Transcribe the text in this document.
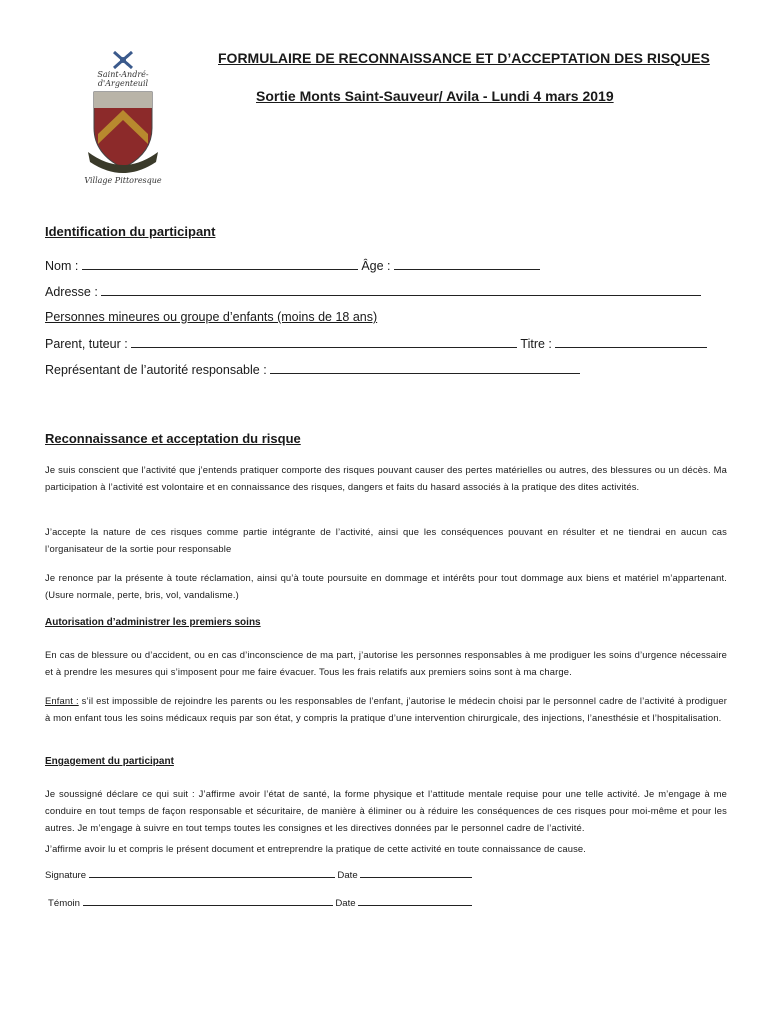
Saint-André-
d'Argenteuil
Village Pittoresque
FORMULAIRE DE RECONNAISSANCE ET D’ACCEPTATION DES RISQUES
Sortie Monts Saint-Sauveur/ Avila - Lundi 4 mars 2019
Identification du participant
Nom :	Âge :
Adresse :
Personnes mineures ou groupe d’enfants (moins de 18 ans)
Parent, tuteur :	Titre :
Représentant de l’autorité responsable :
Reconnaissance et acceptation du risque
Je suis conscient que l’activité que j’entends pratiquer comporte des risques pouvant causer des pertes matérielles ou autres, des blessures ou un décès. Ma participation à l’activité est volontaire et en connaissance des risques, dangers et faits du hasard associés à la pratique des dites activités.
J’accepte la nature de ces risques comme partie intégrante de l’activité, ainsi que les conséquences pouvant en résulter et ne tiendrai en aucun cas l’organisateur de la sortie pour responsable
Je renonce par la présente à toute réclamation, ainsi qu’à toute poursuite en dommage et intérêts pour tout dommage aux biens et matériel m’appartenant. (Usure normale, perte, bris, vol, vandalisme.)
Autorisation d’administrer les premiers soins
En cas de blessure ou d’accident, ou en cas d’inconscience de ma part, j’autorise les personnes responsables à me prodiguer les soins d’urgence nécessaire et à prendre les mesures qui s’imposent pour me faire évacuer. Tous les frais relatifs aux premiers soins sont à ma charge.
Enfant : s’il est impossible de rejoindre les parents ou les responsables de l’enfant, j’autorise le médecin choisi par le personnel cadre de l’activité à prodiguer à mon enfant tous les soins médicaux requis par son état, y compris la pratique d’une intervention chirurgicale, des injections, l’anesthésie et l’hospitalisation.
Engagement du participant
Je soussigné déclare ce qui suit : J’affirme avoir l’état de santé, la forme physique et l’attitude mentale requise pour une telle activité. Je m’engage à me conduire en tout temps de façon responsable et sécuritaire, de manière à éliminer ou à réduire les conséquences de ces risques pour moi-même et pour les autres. Je m’engage à suivre en tout temps toutes les consignes et les directives données par le personnel cadre de l’activité.
J’affirme avoir lu et compris le présent document et entreprendre la pratique de cette activité en toute connaissance de cause.
Signature	Date
Témoin	Date
